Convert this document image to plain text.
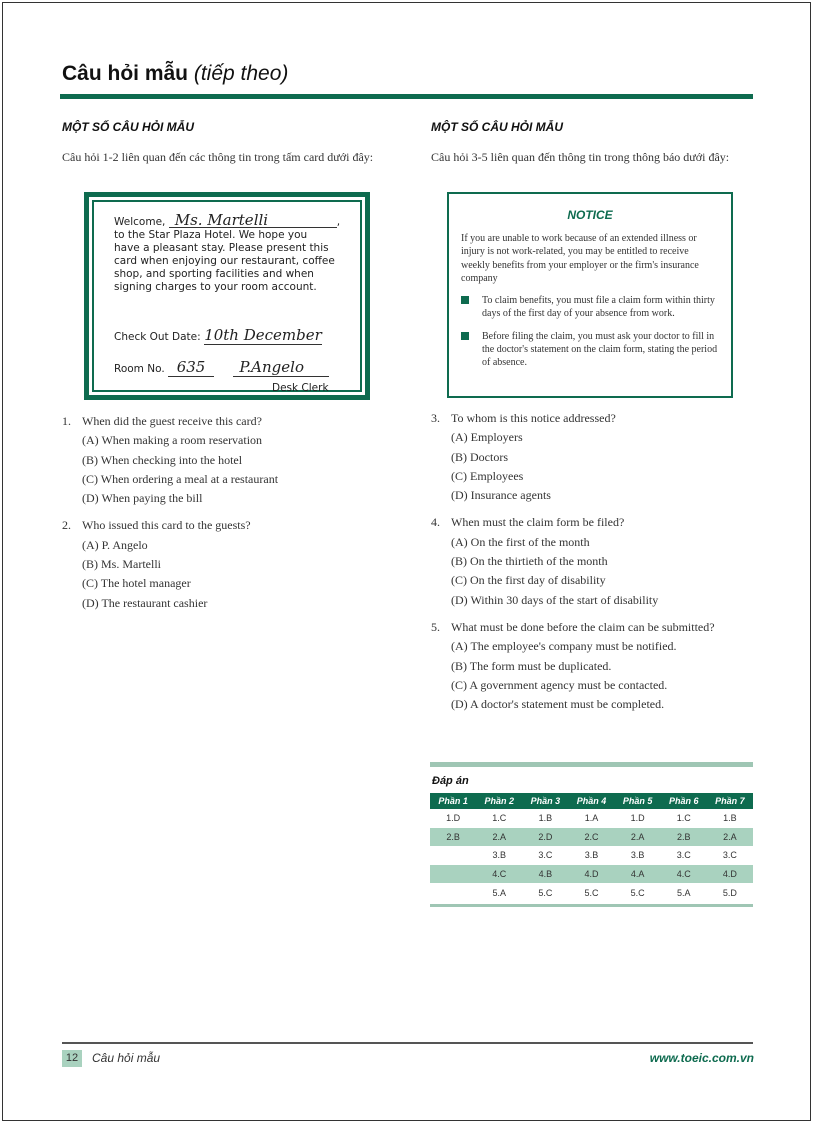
Câu hỏi mẫu (tiếp theo)
MỘT SỐ CÂU HỎI MẪU
Câu hỏi 1-2 liên quan đến các thông tin trong tấm card dưới đây:
Welcome, Ms. Martelli	,
to the Star Plaza Hotel. We hope you
have a pleasant stay. Please present this
card when enjoying our restaurant, coffee
shop, and sporting facilities and when
signing charges to your room account.
Check Out Date: 10th December
Room No. 635 P.Angelo
Desk Clerk
1. When did the guest receive this card?
(A) When making a room reservation
(B) When checking into the hotel
(C) When ordering a meal at a restaurant
(D) When paying the bill
2. Who issued this card to the guests?
(A) P. Angelo
(B) Ms. Martelli
(C) The hotel manager
(D) The restaurant cashier
MỘT SỐ CÂU HỎI MẪU
Câu hỏi 3-5 liên quan đến thông tin trong thông báo dưới đây:
NOTICE
If you are unable to work because of an extended illness or injury is not work-related, you may be entitled to receive weekly benefits from your employer or the firm's insurance company
To claim benefits, you must file a claim form within thirty days of the first day of your absence from work.
Before filing the claim, you must ask your doctor to fill in the doctor's statement on the claim form, stating the period of absence.
3. To whom is this notice addressed?
(A) Employers
(B) Doctors
(C) Employees
(D) Insurance agents
4. When must the claim form be filed?
(A) On the first of the month
(B) On the thirtieth of the month
(C) On the first day of disability
(D) Within 30 days of the start of disability
5. What must be done before the claim can be submitted?
(A) The employee's company must be notified.
(B) The form must be duplicated.
(C) A government agency must be contacted.
(D) A doctor's statement must be completed.
Đáp án
Phần 1	Phần 2	Phần 3	Phần 4	Phần 5	Phần 6	Phần 7
1.D	1.C	1.B	1.A	1.D	1.C	1.B
2.B	2.A	2.D	2.C	2.A	2.B	2.A
	3.B	3.C	3.B	3.B	3.C	3.C
	4.C	4.B	4.D	4.A	4.C	4.D
	5.A	5.C	5.C	5.C	5.A	5.D
12	Câu hỏi mẫu	www.toeic.com.vn
